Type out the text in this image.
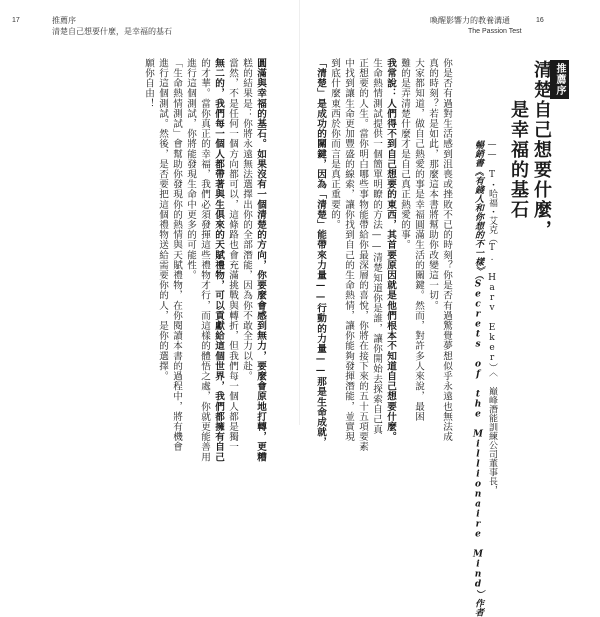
17	推薦序
清楚自己想要什麼，是幸福的基石
圓滿與幸福的基石。如果沒有一個清楚的方向，你要麼會感到無力，要麼會原地打轉，更糟
糕的結果是：你將永遠無法選擇出你的全部潛能，因為你不敢全力以赴。
當然，不是任何一個方向都可以，這條路也會充滿挑戰與轉折，但我們每一個人都是獨一
無二的，我們每一個人都帶著與生俱來的天賦禮物，可以貢獻給這個世界，我們都擁有自己
的才華。當你真正的幸福，我們必須發揮這些禮物才行，而這樣的體悟之處，你就更能善用
進行這個測試，你將能發現生命中更多的可能性。
「生命熱情測試」會幫助你發現你的熱情與天賦禮物，在你閱讀本書的過程中，將有機會
進行這個測試。然後，是否要把這個禮物送給需要你的人，是你的選擇。
願你自由！
喚醒影響力的教養溝通	16
The Passion Test
推薦序
清楚自己想要什麼，
是幸福的基石
—— T・哈福・艾克（T. Harv Eker）〈 巔峰潛能訓練公司董事長，
暢銷書《有錢人和你想的不一樣》（Secrets of the Millionaire Mind）作者
你是否有過對生活感到沮喪或挫敗不已的時刻？你是否有過驚覺夢想似乎永遠也無法成
真的時刻？若是如此，那麼這本書將幫助你改變這一切。
大家都知道，做自己熱愛的事是幸福圓滿生活的關鍵。然而，對許多人來說，最困
難的是弄清楚什麼才是自己真正熱愛的事。
我常說：人們得不到自己想要的東西，其首要原因就是他們根本不知道自己想要什麼。
生命熱情測試提供一個簡單明瞭的方法——清楚知道你是誰，讓你開始去探索自己真
正想要的人生。當你明白哪些事物能帶給你最深層的喜悅，你將在接下來的五十五項要素
中找到讓生命更加豐盛的線索，讓你找到自己的生命熱情，讓你能夠發揮潛能，並實現
到底什麼東西於你而言是真正重要的。
「清楚」是成功的關鍵，因為「清楚」能帶來力量——行動的力量——那是生命成就，
